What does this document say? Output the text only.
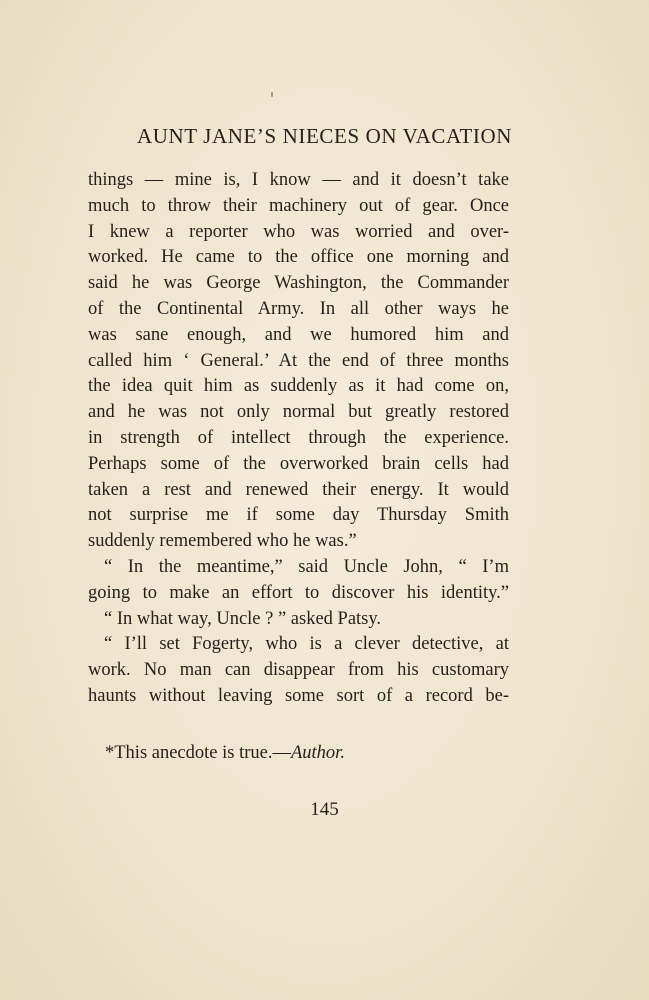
AUNT JANE’S NIECES ON VACATION
things — mine is, I know — and it doesn’t take
much to throw their machinery out of gear. Once
I knew a reporter who was worried and over-
worked. He came to the office one morning and
said he was George Washington, the Commander
of the Continental Army. In all other ways he
was sane enough, and we humored him and
called him ‘ General.’ At the end of three months
the idea quit him as suddenly as it had come on,
and he was not only normal but greatly restored
in strength of intellect through the experience.
Perhaps some of the overworked brain cells had
taken a rest and renewed their energy. It would
not surprise me if some day Thursday Smith
suddenly remembered who he was.”
“ In the meantime,” said Uncle John, “ I’m
going to make an effort to discover his identity.”
“ In what way, Uncle ? ” asked Patsy.
“ I’ll set Fogerty, who is a clever detective, at
work. No man can disappear from his customary
haunts without leaving some sort of a record be-
*This anecdote is true.—Author.
145
